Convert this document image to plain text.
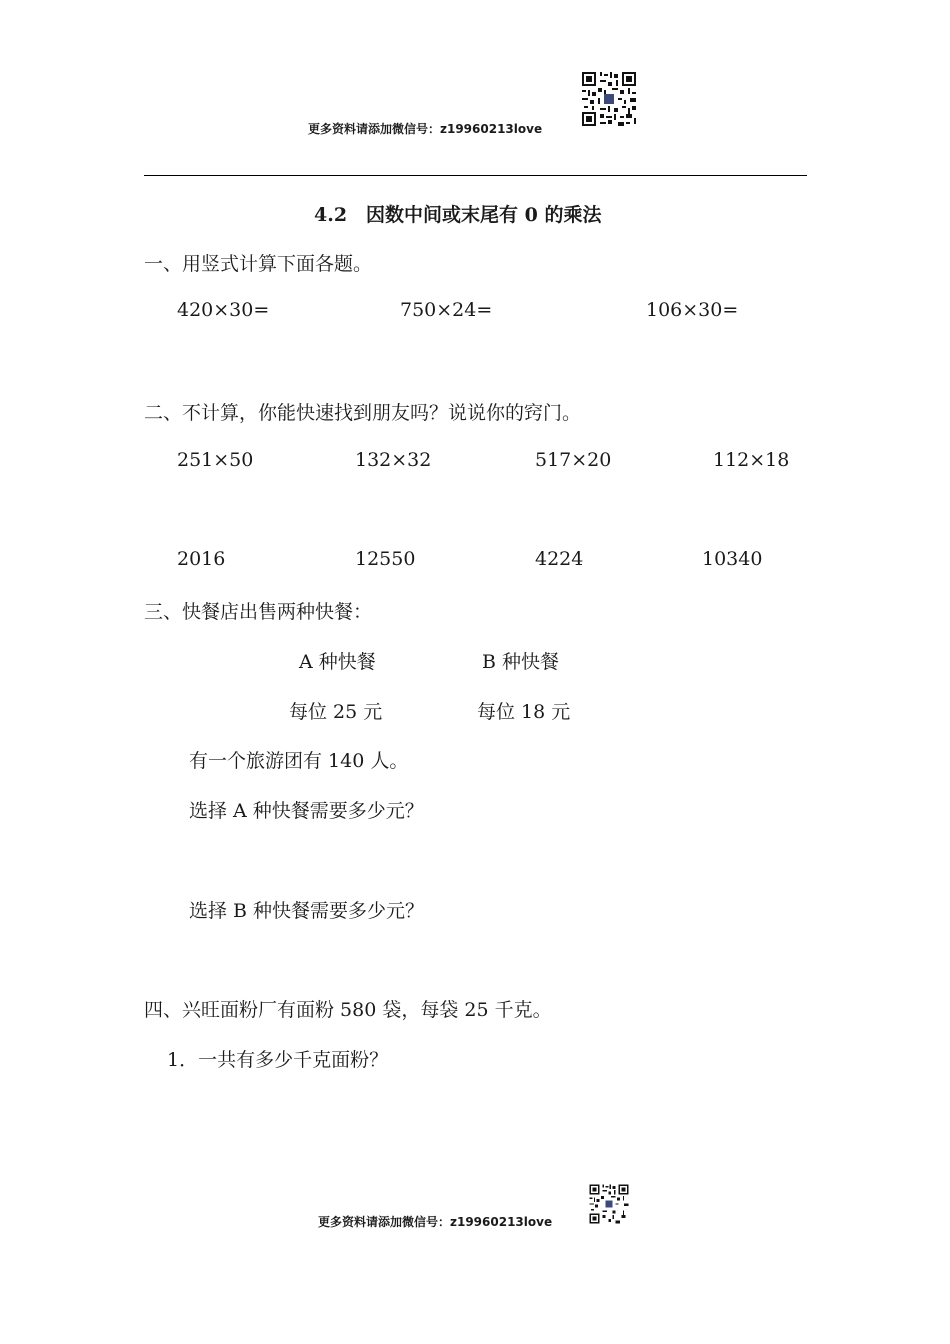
更多资料请添加微信号：z19960213love
4.2　因数中间或末尾有 0 的乘法
一、用竖式计算下面各题。
420×30=	750×24=	106×30=
二、不计算，你能快速找到朋友吗？说说你的窍门。
251×50	132×32	517×20	112×18
2016	12550	4224	10340
三、快餐店出售两种快餐：
A 种快餐	B 种快餐
每位 25 元	每位 18 元
有一个旅游团有 140 人。
选择 A 种快餐需要多少元？
选择 B 种快餐需要多少元？
四、兴旺面粉厂有面粉 580 袋，每袋 25 千克。
1．一共有多少千克面粉？
更多资料请添加微信号：z19960213love
